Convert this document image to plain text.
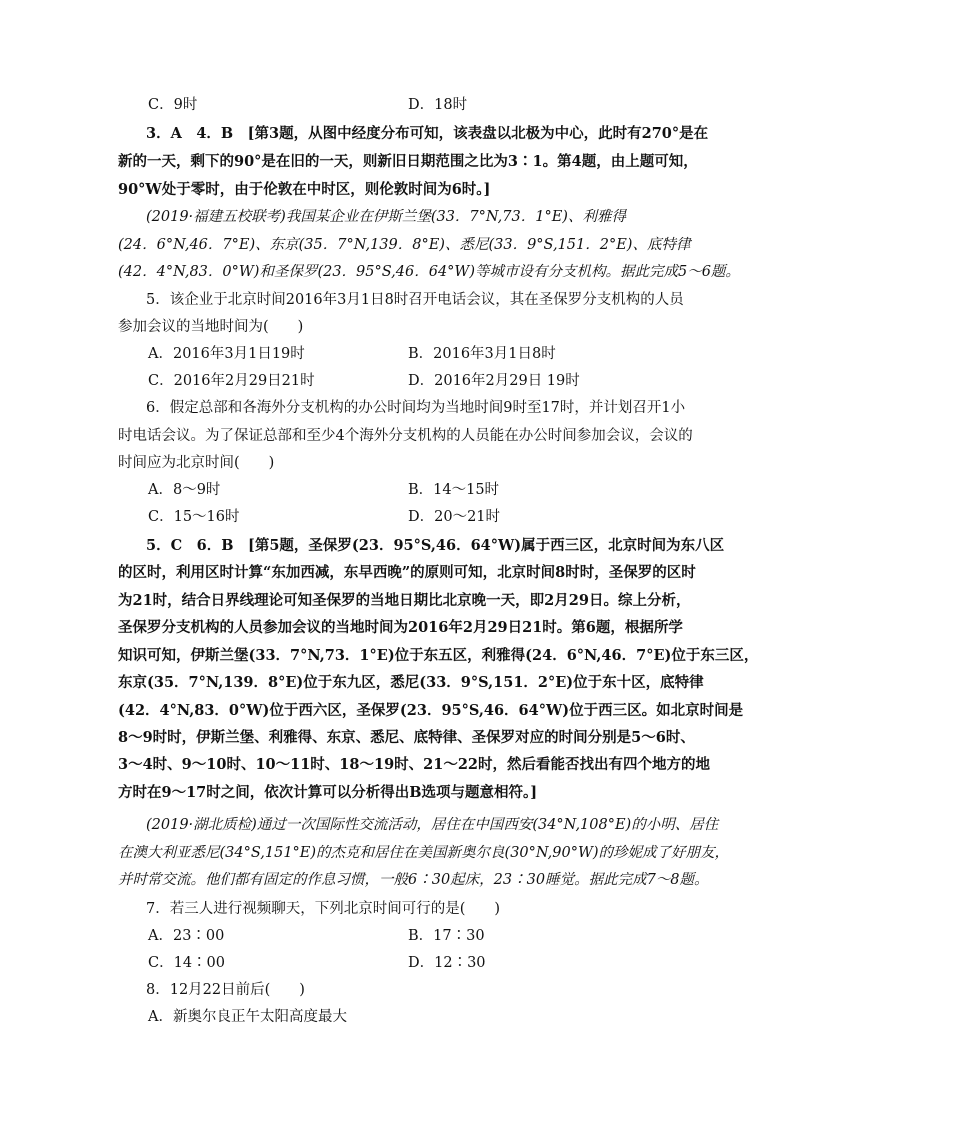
C．9时	D．18时
3．A　4．B　[第3题，从图中经度分布可知，该表盘以北极为中心，此时有270°是在
新的一天，剩下的90°是在旧的一天，则新旧日期范围之比为3∶1。第4题，由上题可知，
90°W处于零时，由于伦敦在中时区，则伦敦时间为6时。]
(2019·福建五校联考)我国某企业在伊斯兰堡(33．7°N,73．1°E)、利雅得
(24．6°N,46．7°E)、东京(35．7°N,139．8°E)、悉尼(33．9°S,151．2°E)、底特律
(42．4°N,83．0°W)和圣保罗(23．95°S,46．64°W)等城市设有分支机构。据此完成5～6题。
5．该企业于北京时间2016年3月1日8时召开电话会议，其在圣保罗分支机构的人员
参加会议的当地时间为(　　)
A．2016年3月1日19时	B．2016年3月1日8时
C．2016年2月29日21时	D．2016年2月29日 19时
6．假定总部和各海外分支机构的办公时间均为当地时间9时至17时，并计划召开1小
时电话会议。为了保证总部和至少4个海外分支机构的人员能在办公时间参加会议，会议的
时间应为北京时间(　　)
A．8～9时	B．14～15时
C．15～16时	D．20～21时
5．C　6．B　[第5题，圣保罗(23．95°S,46．64°W)属于西三区，北京时间为东八区
的区时，利用区时计算“东加西减，东早西晚”的原则可知，北京时间8时时，圣保罗的区时
为21时，结合日界线理论可知圣保罗的当地日期比北京晚一天，即2月29日。综上分析，
圣保罗分支机构的人员参加会议的当地时间为2016年2月29日21时。第6题，根据所学
知识可知，伊斯兰堡(33．7°N,73．1°E)位于东五区，利雅得(24．6°N,46．7°E)位于东三区，
东京(35．7°N,139．8°E)位于东九区，悉尼(33．9°S,151．2°E)位于东十区，底特律
(42．4°N,83．0°W)位于西六区，圣保罗(23．95°S,46．64°W)位于西三区。如北京时间是
8～9时时，伊斯兰堡、利雅得、东京、悉尼、底特律、圣保罗对应的时间分别是5～6时、
3～4时、9～10时、10～11时、18～19时、21～22时，然后看能否找出有四个地方的地
方时在9～17时之间，依次计算可以分析得出B选项与题意相符。]
(2019·湖北质检)通过一次国际性交流活动，居住在中国西安(34°N,108°E)的小明、居住
在澳大利亚悉尼(34°S,151°E)的杰克和居住在美国新奥尔良(30°N,90°W)的珍妮成了好朋友，
并时常交流。他们都有固定的作息习惯，一般6∶30起床，23∶30睡觉。据此完成7～8题。
7．若三人进行视频聊天，下列北京时间可行的是(　　)
A．23∶00	B．17∶30
C．14∶00	D．12∶30
8．12月22日前后(　　)
A．新奥尔良正午太阳高度最大
